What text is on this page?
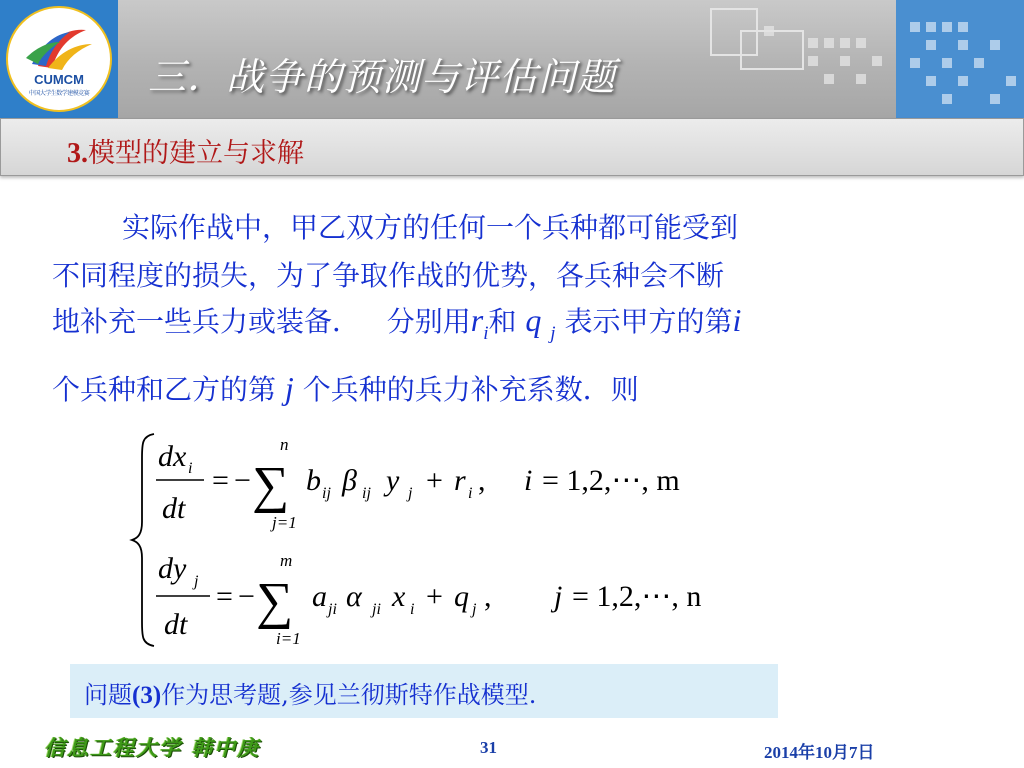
CUMCM
中国大学生数学建模竞赛	三．战争的预测与评估问题
3.模型的建立与求解
实际作战中，甲乙双方的任何一个兵种都可能受到
不同程度的损失，为了争取作战的优势，各兵种会不断
地补充一些兵力或装备． 分别用$r_i$和 q $_j$ 表示甲方的第i
个兵种和乙方的第 j 个兵种的兵力补充系数．则
dx i
dt
= −
n
∑
j=1
b ij β ij y j + r i , i = 1,2,⋯, m
dy j
dt
= −
m
∑
i=1
a ji α ji x i + q j , j = 1,2,⋯, n
问题(3)作为思考题,参见兰彻斯特作战模型.
信息工程大学 韩中庚	31	2014年10月7日
